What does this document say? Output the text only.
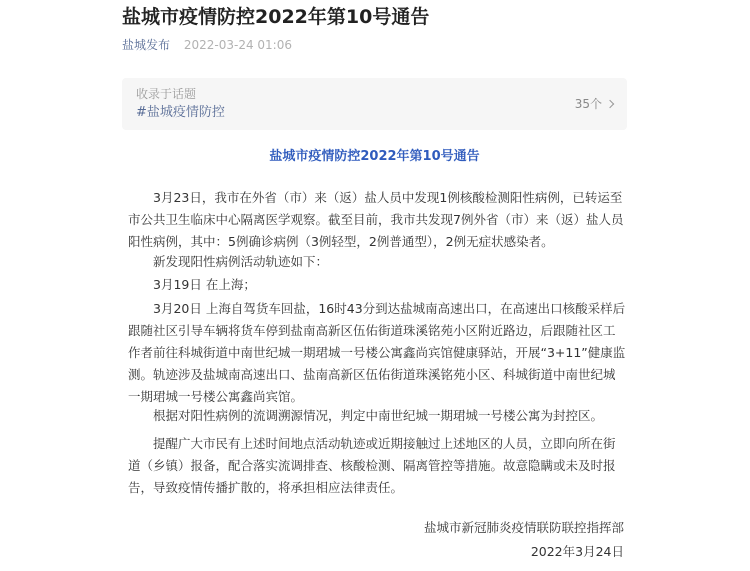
盐城市疫情防控2022年第10号通告
盐城发布 2022-03-24 01:06
收录于话题
#盐城疫情防控
35个
盐城市疫情防控2022年第10号通告

3月23日，我市在外省（市）来（返）盐人员中发现1例核酸检测阳性病例，已转运至

市公共卫生临床中心隔离医学观察。截至目前，我市共发现7例外省（市）来（返）盐人员

阳性病例，其中：5例确诊病例（3例轻型，2例普通型），2例无症状感染者。

新发现阳性病例活动轨迹如下：

3月19日 在上海；

3月20日 上海自驾货车回盐，16时43分到达盐城南高速出口，在高速出口核酸采样后

跟随社区引导车辆将货车停到盐南高新区伍佑街道珠溪铭苑小区附近路边，后跟随社区工

作者前往科城街道中南世纪城一期珺城一号楼公寓鑫尚宾馆健康驿站，开展“3+11”健康监

测。轨迹涉及盐城南高速出口、盐南高新区伍佑街道珠溪铭苑小区、科城街道中南世纪城

一期珺城一号楼公寓鑫尚宾馆。

根据对阳性病例的流调溯源情况，判定中南世纪城一期珺城一号楼公寓为封控区。

提醒广大市民有上述时间地点活动轨迹或近期接触过上述地区的人员，立即向所在街

道（乡镇）报备，配合落实流调排查、核酸检测、隔离管控等措施。故意隐瞒或未及时报

告，导致疫情传播扩散的，将承担相应法律责任。

盐城市新冠肺炎疫情联防联控指挥部
2022年3月24日
